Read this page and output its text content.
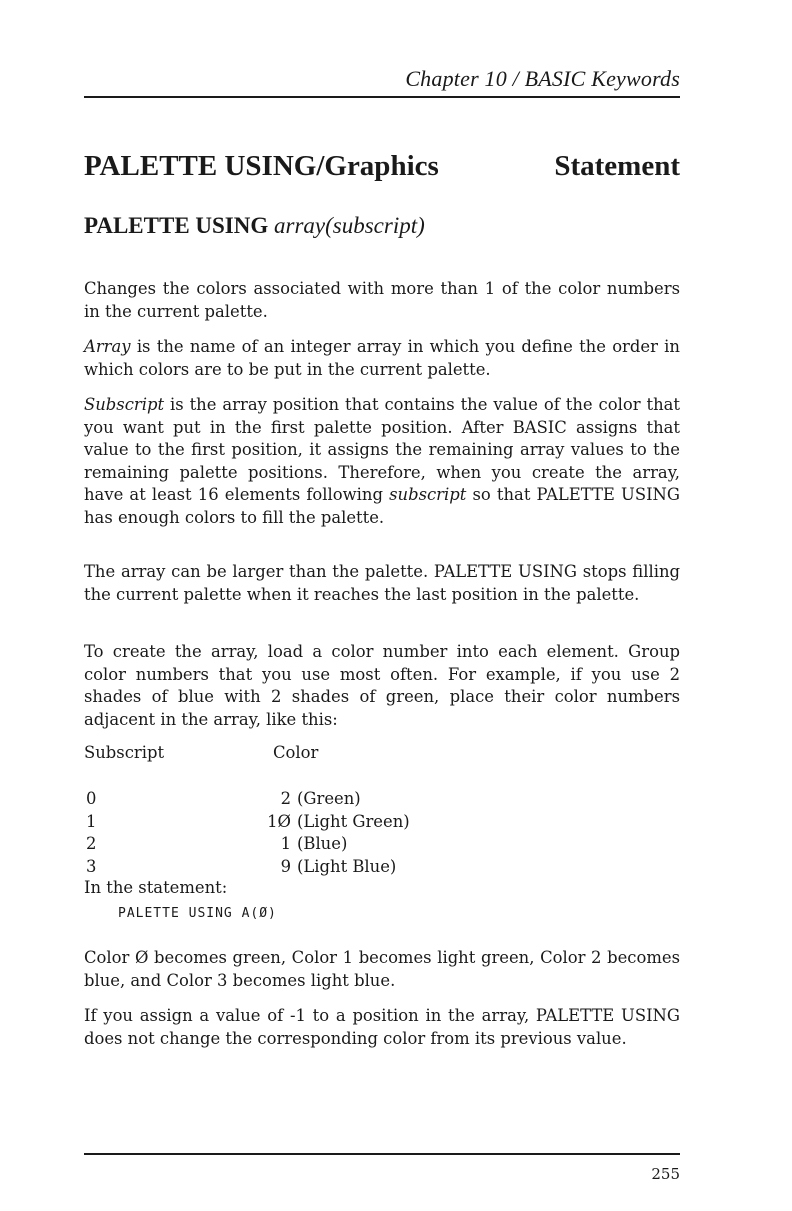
Chapter 10 / BASIC Keywords
PALETTE USING/Graphics	Statement
PALETTE USING array(subscript)

Changes the colors associated with more than 1 of the color numbers in the current palette.

Array is the name of an integer array in which you define the order in which colors are to be put in the current palette.

Subscript is the array position that contains the value of the color that you want put in the first palette position. After BASIC assigns that value to the first position, it assigns the remaining array values to the remaining palette positions. Therefore, when you create the array, have at least 16 elements following subscript so that PALETTE USING has enough colors to fill the palette.

The array can be larger than the palette. PALETTE USING stops filling the current palette when it reaches the last position in the palette.

To create the array, load a color number into each element. Group color numbers that you use most often. For example, if you use 2 shades of blue with 2 shades of green, place their color numbers adjacent in the array, like this:

Subscript	Color
0	2 (Green)
1	1Ø (Light Green)
2	1 (Blue)
3	9 (Light Blue)

In the statement:

PALETTE USING A(Ø)

Color Ø becomes green, Color 1 becomes light green, Color 2 becomes blue, and Color 3 becomes light blue.

If you assign a value of -1 to a position in the array, PALETTE USING does not change the corresponding color from its previous value.

255
